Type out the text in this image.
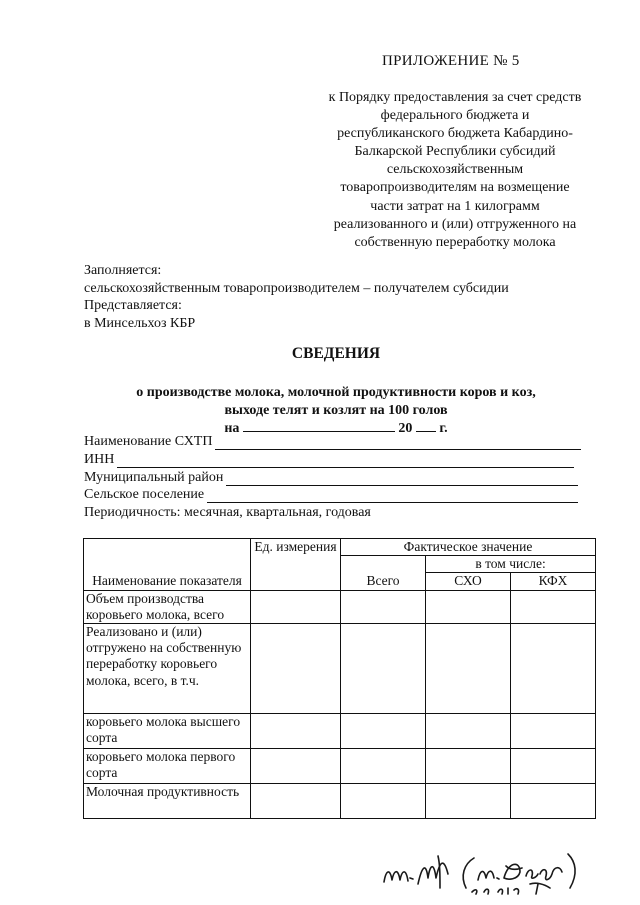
ПРИЛОЖЕНИЕ № 5
к Порядку предоставления за счет средств
федерального бюджета и
республиканского бюджета Кабардино-
Балкарской Республики субсидий
сельскохозяйственным
товаропроизводителям на возмещение
части затрат на 1 килограмм
реализованного и (или) отгруженного на
собственную переработку молока
Заполняется:
сельскохозяйственным товаропроизводителем – получателем субсидии
Представляется:
в Минсельхоз КБР
СВЕДЕНИЯ
о производстве молока, молочной продуктивности коров и коз,
выходе телят и козлят на 100 голов
на	20 г.
Наименование СХТП
ИНН
Муниципальный район
Сельское поселение
Периодичность: месячная, квартальная, годовая
Наименование показателя	Ед. измерения	Фактическое значение		
		Всего	в том числе:	
			СХО	КФХ
Объем производства коровьего молока, всего				
Реализовано и (или) отгружено на собственную переработку коровьего молока, всего, в т.ч.				
коровьего молока высшего сорта				
коровьего молока первого сорта				
Молочная продуктивность				
